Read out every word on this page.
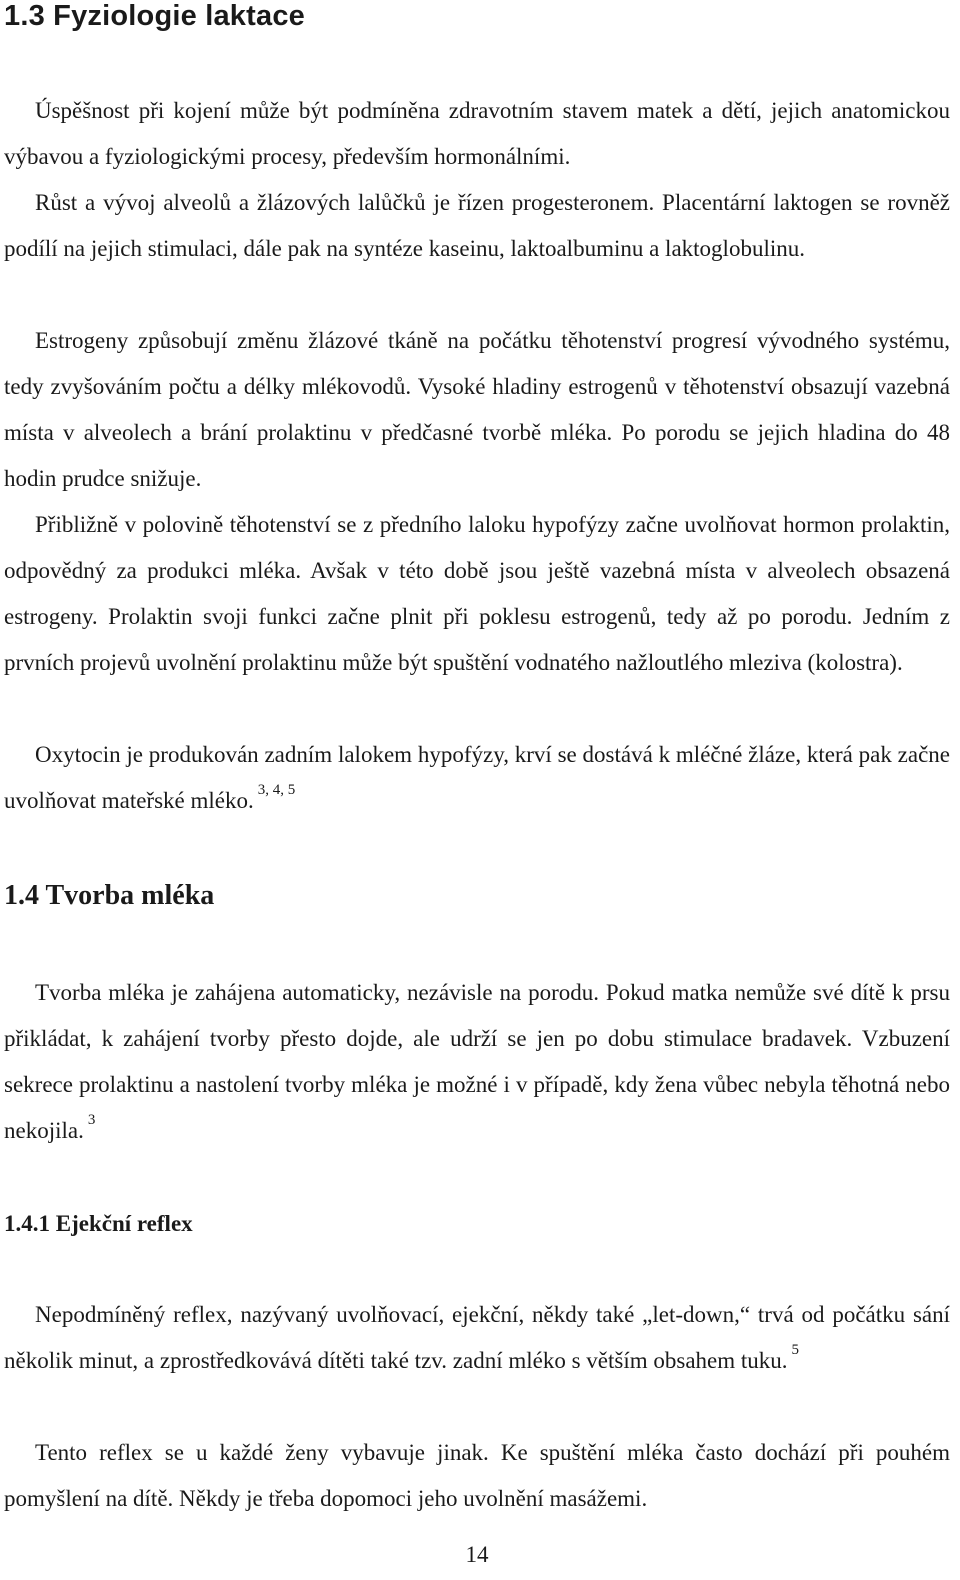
1.3 Fyziologie laktace

Úspěšnost při kojení může být podmíněna zdravotním stavem matek a dětí, jejich anatomickou výbavou a fyziologickými procesy, především hormonálními.

Růst a vývoj alveolů a žlázových lalůčků je řízen progesteronem. Placentární laktogen se rovněž podílí na jejich stimulaci, dále pak na syntéze kaseinu, laktoalbuminu a laktoglobulinu.

Estrogeny způsobují změnu žlázové tkáně na počátku těhotenství progresí vývodného systému, tedy zvyšováním počtu a délky mlékovodů. Vysoké hladiny estrogenů v těhotenství obsazují vazebná místa v alveolech a brání prolaktinu v předčasné tvorbě mléka. Po porodu se jejich hladina do 48 hodin prudce snižuje.

Přibližně v polovině těhotenství se z předního laloku hypofýzy začne uvolňovat hormon prolaktin, odpovědný za produkci mléka. Avšak v této době jsou ještě vazebná místa v alveolech obsazená estrogeny. Prolaktin svoji funkci začne plnit při poklesu estrogenů, tedy až po porodu. Jedním z prvních projevů uvolnění prolaktinu může být spuštění vodnatého nažloutlého mleziva (kolostra).

Oxytocin je produkován zadním lalokem hypofýzy, krví se dostává k mléčné žláze, která pak začne uvolňovat mateřské mléko. $^{3, 4, 5}$

1.4 Tvorba mléka

Tvorba mléka je zahájena automaticky, nezávisle na porodu. Pokud matka nemůže své dítě k prsu přikládat, k zahájení tvorby přesto dojde, ale udrží se jen po dobu stimulace bradavek. Vzbuzení sekrece prolaktinu a nastolení tvorby mléka je možné i v případě, kdy žena vůbec nebyla těhotná nebo nekojila. $^3$

1.4.1 Ejekční reflex

Nepodmíněný reflex, nazývaný uvolňovací, ejekční, někdy také „let-down,“ trvá od počátku sání několik minut, a zprostředkovává dítěti také tzv. zadní mléko s větším obsahem tuku. $^5$

Tento reflex se u každé ženy vybavuje jinak. Ke spuštění mléka často dochází při pouhém pomyšlení na dítě. Někdy je třeba dopomoci jeho uvolnění masážemi.

14
